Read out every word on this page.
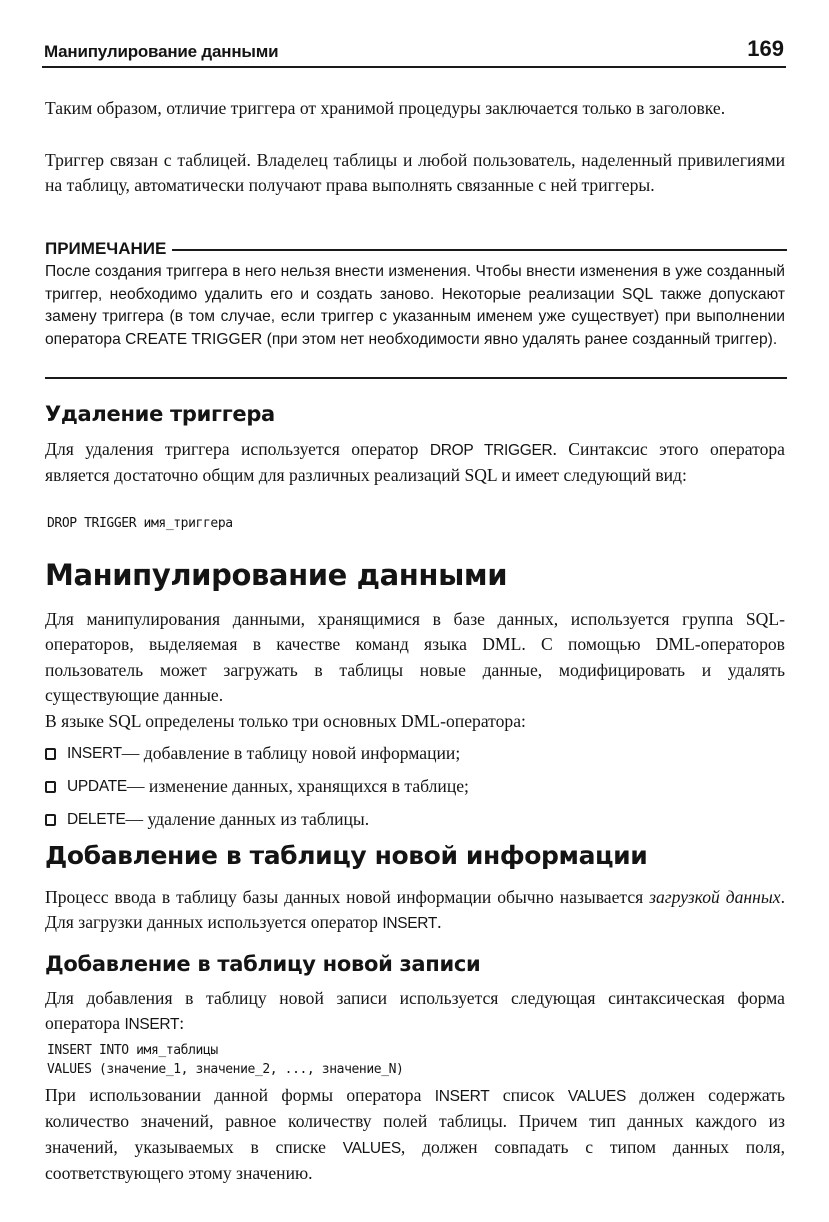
Манипулирование данными	169

Таким образом, отличие триггера от хранимой процедуры заключается только в заголовке.

Триггер связан с таблицей. Владелец таблицы и любой пользователь, наделенный привилегиями на таблицу, автоматически получают права выполнять связанные с ней триггеры.

ПРИМЕЧАНИЕ

После создания триггера в него нельзя внести изменения. Чтобы внести изменения в уже созданный триггер, необходимо удалить его и создать заново. Некоторые реализации SQL также допускают замену триггера (в том случае, если триггер с указанным именем уже существует) при выполнении оператора CREATE TRIGGER (при этом нет необходимости явно удалять ранее созданный триггер).

Удаление триггера

Для удаления триггера используется оператор DROP TRIGGER. Синтаксис этого оператора является достаточно общим для различных реализаций SQL и имеет следующий вид:

DROP TRIGGER имя_триггера
Манипулирование данными

Для манипулирования данными, хранящимися в базе данных, используется группа SQL-операторов, выделяемая в качестве команд языка DML. С помощью DML-операторов пользователь может загружать в таблицы новые данные, модифицировать и удалять существующие данные.

В языке SQL определены только три основных DML-оператора:

INSERT — добавление в таблицу новой информации;
UPDATE — изменение данных, хранящихся в таблице;
DELETE — удаление данных из таблицы.
Добавление в таблицу новой информации

Процесс ввода в таблицу базы данных новой информации обычно называется загрузкой данных. Для загрузки данных используется оператор INSERT.

Добавление в таблицу новой записи

Для добавления в таблицу новой записи используется следующая синтаксическая форма оператора INSERT:

INSERT INTO имя_таблицы
VALUES (значение_1, значение_2, ..., значение_N)

При использовании данной формы оператора INSERT список VALUES должен содержать количество значений, равное количеству полей таблицы. Причем тип данных каждого из значений, указываемых в списке VALUES, должен совпадать с типом данных поля, соответствующего этому значению.
